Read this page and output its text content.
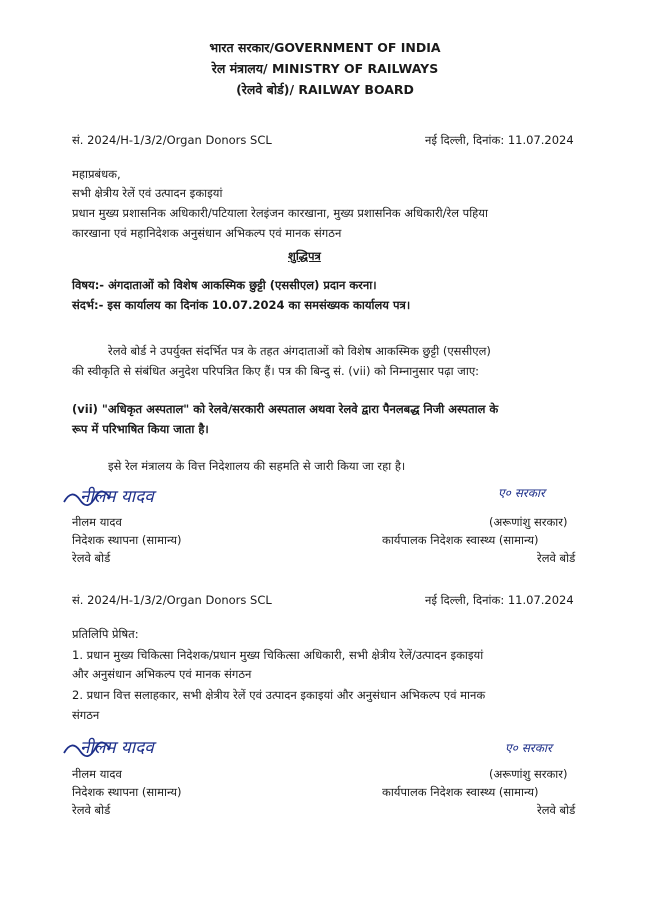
भारत सरकार/GOVERNMENT OF INDIA
रेल मंत्रालय/ MINISTRY OF RAILWAYS
(रेलवे बोर्ड)/ RAILWAY BOARD
सं. 2024/H-1/3/2/Organ Donors SCL	नई दिल्ली, दिनांक: 11.07.2024
महाप्रबंधक,
सभी क्षेत्रीय रेलें एवं उत्पादन इकाइयां
प्रधान मुख्य प्रशासनिक अधिकारी/पटियाला रेलइंजन कारखाना, मुख्य प्रशासनिक अधिकारी/रेल पहिया
कारखाना एवं महानिदेशक अनुसंधान अभिकल्प एवं मानक संगठन
शुद्धिपत्र
विषय:- अंगदाताओं को विशेष आकस्मिक छुट्टी (एससीएल) प्रदान करना।
संदर्भ:- इस कार्यालय का दिनांक 10.07.2024 का समसंख्यक कार्यालय पत्र।
रेलवे बोर्ड ने उपर्युक्त संदर्भित पत्र के तहत अंगदाताओं को विशेष आकस्मिक छुट्टी (एससीएल)
की स्वीकृति से संबंधित अनुदेश परिपत्रित किए हैं। पत्र की बिन्दु सं. (vii) को निम्नानुसार पढ़ा जाए:
(vii) "अधिकृत अस्पताल" को रेलवे/सरकारी अस्पताल अथवा रेलवे द्वारा पैनलबद्ध निजी अस्पताल के
रूप में परिभाषित किया जाता है।
इसे रेल मंत्रालय के वित्त निदेशालय की सहमति से जारी किया जा रहा है।
नीलम यादव	ए० सरकार
नीलम यादव	(अरूणांशु सरकार)
निदेशक स्थापना (सामान्य)	कार्यपालक निदेशक स्वास्थ्य (सामान्य)
रेलवे बोर्ड	रेलवे बोर्ड
सं. 2024/H-1/3/2/Organ Donors SCL	नई दिल्ली, दिनांक: 11.07.2024
प्रतिलिपि प्रेषित:
1. प्रधान मुख्य चिकित्सा निदेशक/प्रधान मुख्य चिकित्सा अधिकारी, सभी क्षेत्रीय रेलें/उत्पादन इकाइयां
और अनुसंधान अभिकल्प एवं मानक संगठन
2. प्रधान वित्त सलाहकार, सभी क्षेत्रीय रेलें एवं उत्पादन इकाइयां और अनुसंधान अभिकल्प एवं मानक
संगठन
नीलम यादव	ए० सरकार
नीलम यादव	(अरूणांशु सरकार)
निदेशक स्थापना (सामान्य)	कार्यपालक निदेशक स्वास्थ्य (सामान्य)
रेलवे बोर्ड	रेलवे बोर्ड
